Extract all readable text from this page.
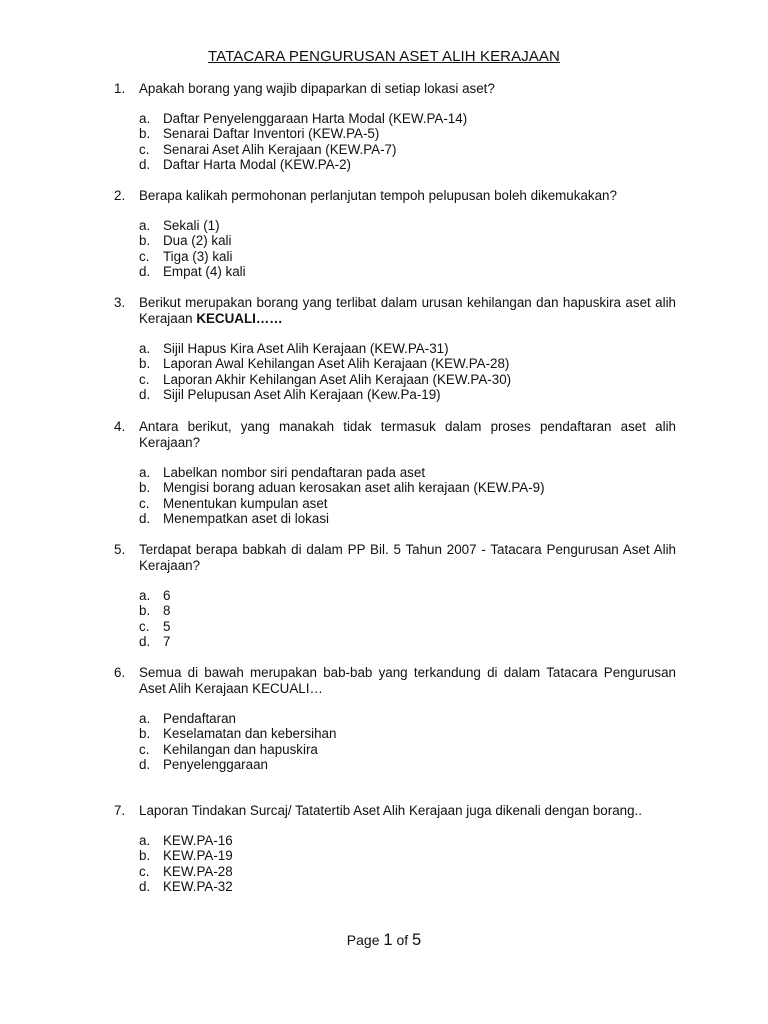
TATACARA PENGURUSAN ASET ALIH KERAJAAN
1.	Apakah borang yang wajib dipaparkan di setiap lokasi aset?
a. Daftar Penyelenggaraan Harta Modal (KEW.PA-14)
b. Senarai Daftar Inventori (KEW.PA-5)
c.	Senarai Aset Alih Kerajaan (KEW.PA-7)
d. Daftar Harta Modal (KEW.PA-2)
2.	Berapa kalikah permohonan perlanjutan tempoh pelupusan boleh dikemukakan?
a. Sekali (1)
b. Dua (2) kali
c.	Tiga (3) kali
d. Empat (4) kali
3.	Berikut merupakan borang yang terlibat dalam urusan kehilangan dan hapuskira aset alih Kerajaan KECUALI……
a. Sijil Hapus Kira Aset Alih Kerajaan (KEW.PA-31)
b. Laporan Awal Kehilangan Aset Alih Kerajaan (KEW.PA-28)
c.	Laporan Akhir Kehilangan Aset Alih Kerajaan (KEW.PA-30)
d. Sijil Pelupusan Aset Alih Kerajaan (Kew.Pa-19)
4.	Antara berikut, yang manakah tidak termasuk dalam proses pendaftaran aset alih Kerajaan?
a. Labelkan nombor siri pendaftaran pada aset
b. Mengisi borang aduan kerosakan aset alih kerajaan (KEW.PA-9)
c.	Menentukan kumpulan aset
d. Menempatkan aset di lokasi
5.	Terdapat berapa babkah di dalam PP Bil. 5 Tahun 2007 - Tatacara Pengurusan Aset Alih Kerajaan?
a. 6
b. 8
c.	5
d. 7
6.	Semua di bawah merupakan bab-bab yang terkandung di dalam Tatacara Pengurusan Aset Alih Kerajaan KECUALI…
a. Pendaftaran
b. Keselamatan dan kebersihan
c.	Kehilangan dan hapuskira
d. Penyelenggaraan
7.	Laporan Tindakan Surcaj/ Tatatertib Aset Alih Kerajaan juga dikenali dengan borang..
a. KEW.PA-16
b. KEW.PA-19
c.	KEW.PA-28
d. KEW.PA-32
Page 1 of 5
